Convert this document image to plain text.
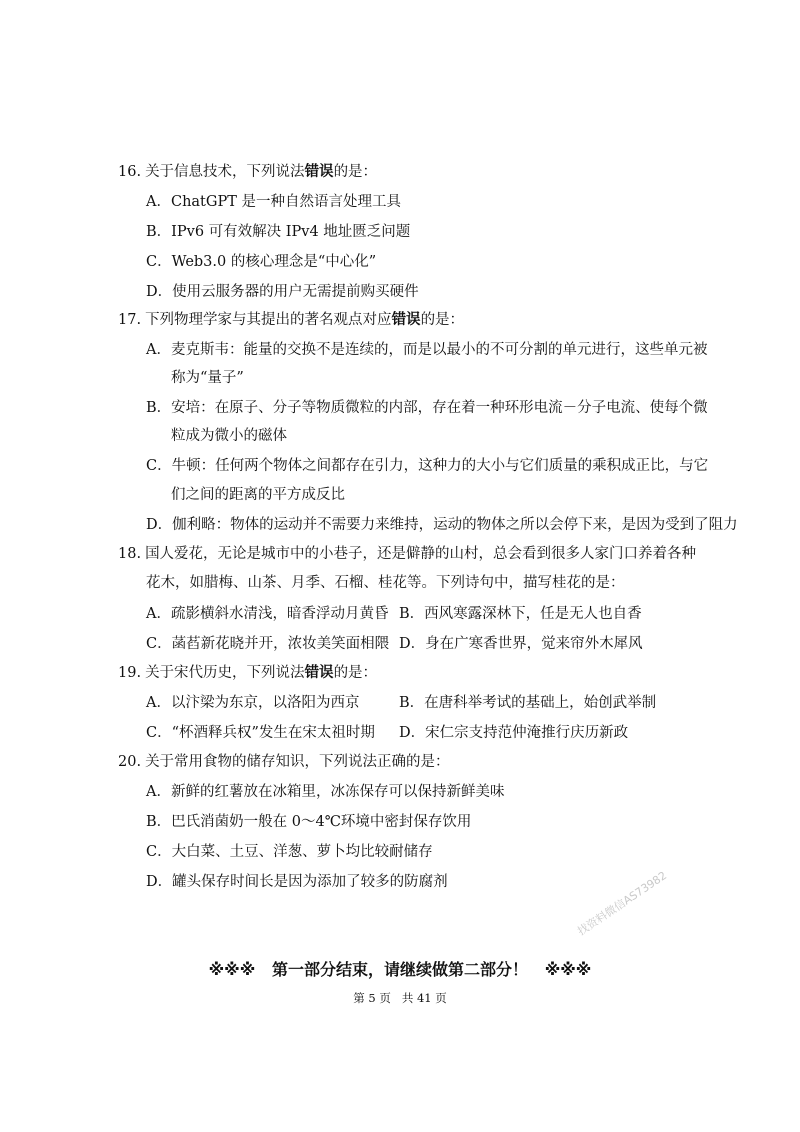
16. 关于信息技术，下列说法错误的是：
A．ChatGPT 是一种自然语言处理工具
B．IPv6 可有效解决 IPv4 地址匮乏问题
C．Web3.0 的核心理念是“中心化”
D．使用云服务器的用户无需提前购买硬件
17. 下列物理学家与其提出的著名观点对应错误的是：
A．麦克斯韦：能量的交换不是连续的，而是以最小的不可分割的单元进行，这些单元被
称为“量子”
B．安培：在原子、分子等物质微粒的内部，存在着一种环形电流－分子电流、使每个微
粒成为微小的磁体
C．牛顿：任何两个物体之间都存在引力，这种力的大小与它们质量的乘积成正比，与它
们之间的距离的平方成反比
D．伽利略：物体的运动并不需要力来维持，运动的物体之所以会停下来，是因为受到了阻力
18. 国人爱花，无论是城市中的小巷子，还是僻静的山村，总会看到很多人家门口养着各种
花木，如腊梅、山茶、月季、石榴、桂花等。下列诗句中，描写桂花的是：
A．疏影横斜水清浅，暗香浮动月黄昏 B．西风寒露深林下，任是无人也自香
C．菡萏新花晓并开，浓妆美笑面相隈 D．身在广寒香世界，觉来帘外木犀风
19. 关于宋代历史，下列说法错误的是：
A．以汴梁为东京，以洛阳为西京	B．在唐科举考试的基础上，始创武举制
C．“杯酒释兵权”发生在宋太祖时期 D．宋仁宗支持范仲淹推行庆历新政
20. 关于常用食物的储存知识，下列说法正确的是：
A．新鲜的红薯放在冰箱里，冰冻保存可以保持新鲜美味
B．巴氏消菌奶一般在 0～4℃环境中密封保存饮用
C．大白菜、土豆、洋葱、萝卜均比较耐储存
D．罐头保存时间长是因为添加了较多的防腐剂	找资料微信AS73982
※※※   第一部分结束，请继续做第二部分！   ※※※
第 5 页   共 41 页
